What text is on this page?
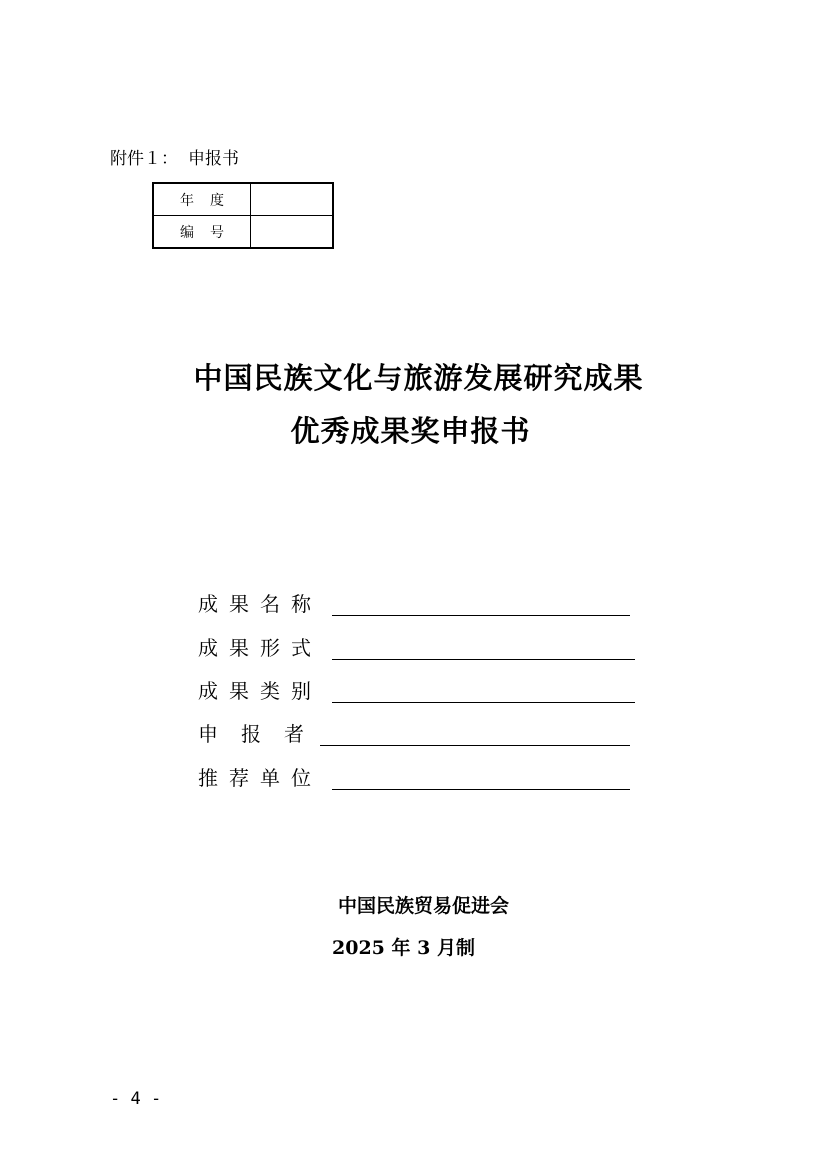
附件１： 申报书
年度	
编号	
中国民族文化与旅游发展研究成果
优秀成果奖申报书
成果名称
成果形式
成果类别
申报者
推荐单位
中国民族贸易促进会
2025 年 3 月制
- 4 -
